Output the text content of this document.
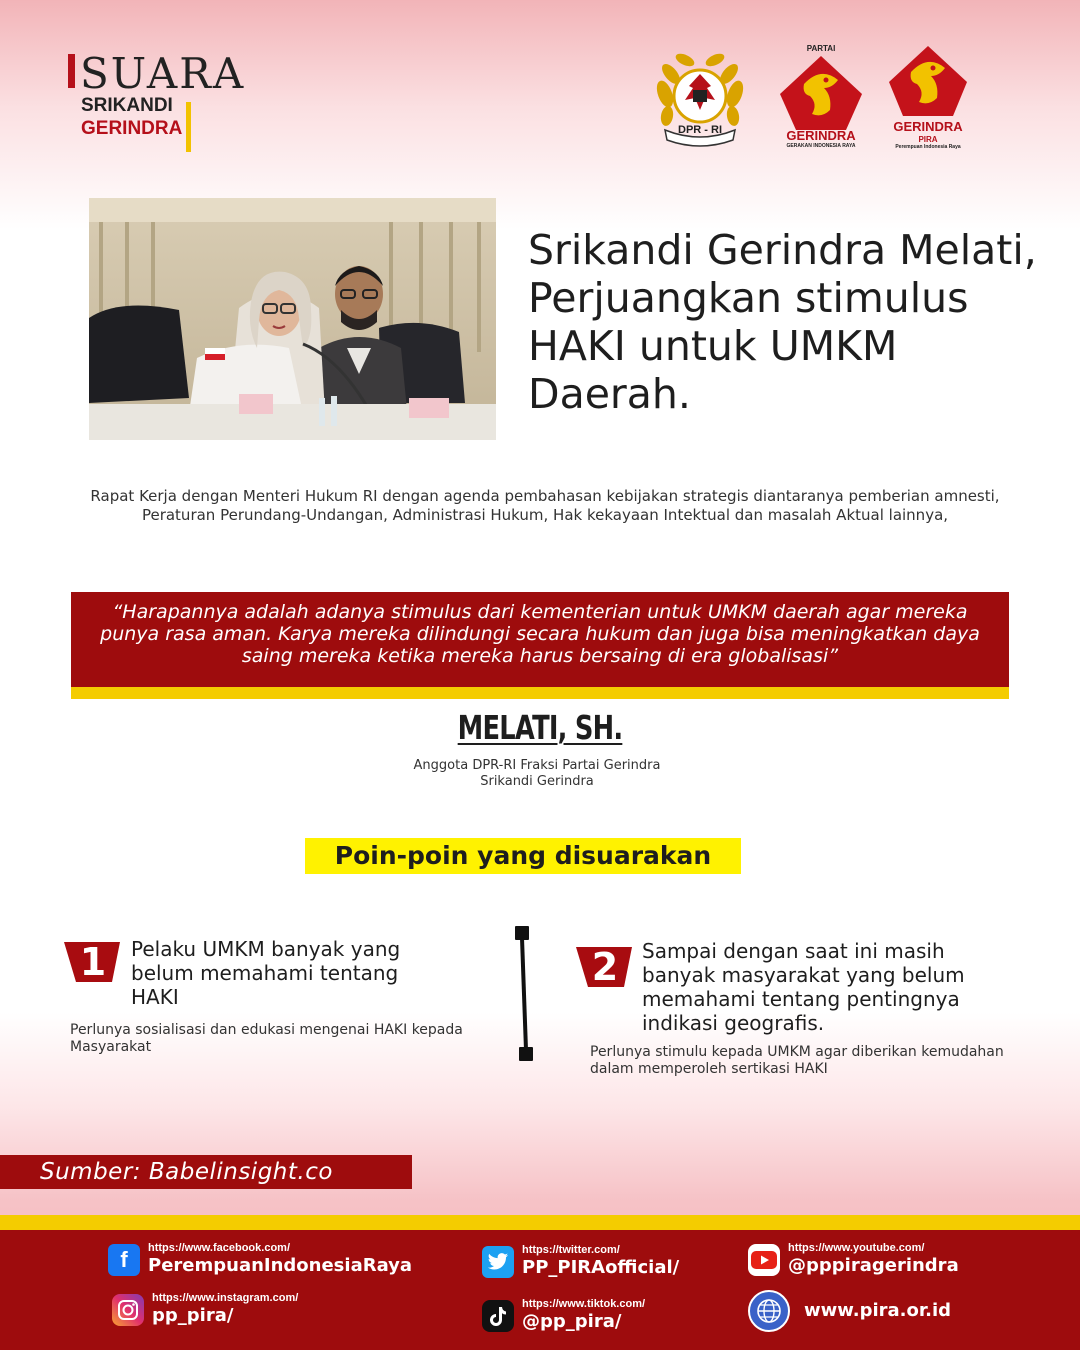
SUARA
SRIKANDI
GERINDRA	DPR - RI
PARTAI
GERINDRA
GERAKAN INDONESIA RAYA
GERINDRA
PIRA
Perempuan Indonesia Raya
Srikandi Gerindra Melati, Perjuangkan stimulus HAKI untuk UMKM Daerah.

Rapat Kerja dengan Menteri Hukum RI dengan agenda pembahasan kebijakan strategis diantaranya pemberian amnesti, Peraturan Perundang-Undangan, Administrasi Hukum, Hak kekayaan Intektual dan masalah Aktual lainnya,

“Harapannya adalah adanya stimulus dari kementerian untuk UMKM daerah agar mereka punya rasa aman. Karya mereka dilindungi secara hukum dan juga bisa meningkatkan daya saing mereka ketika mereka harus bersaing di era globalisasi”

MELATI, SH.
Anggota DPR-RI Fraksi Partai Gerindra
Srikandi Gerindra
Poin-poin yang disuarakan
1	Pelaku UMKM banyak yang belum memahami tentang HAKI
Perlunya sosialisasi dan edukasi mengenai HAKI kepada Masyarakat
2	Sampai dengan saat ini masih banyak masyarakat yang belum memahami tentang pentingnya indikasi geografis.
Perlunya stimulu kepada UMKM agar diberikan kemudahan dalam memperoleh sertikasi HAKI
Sumber: Babelinsight.co
f https://www.facebook.com/
PerempuanIndonesiaRaya
https://www.instagram.com/
pp_pira/
https://twitter.com/
PP_PIRAofficial/
https://www.tiktok.com/
@pp_pira/
https://www.youtube.com/
@pppiragerindra
www.pira.or.id
